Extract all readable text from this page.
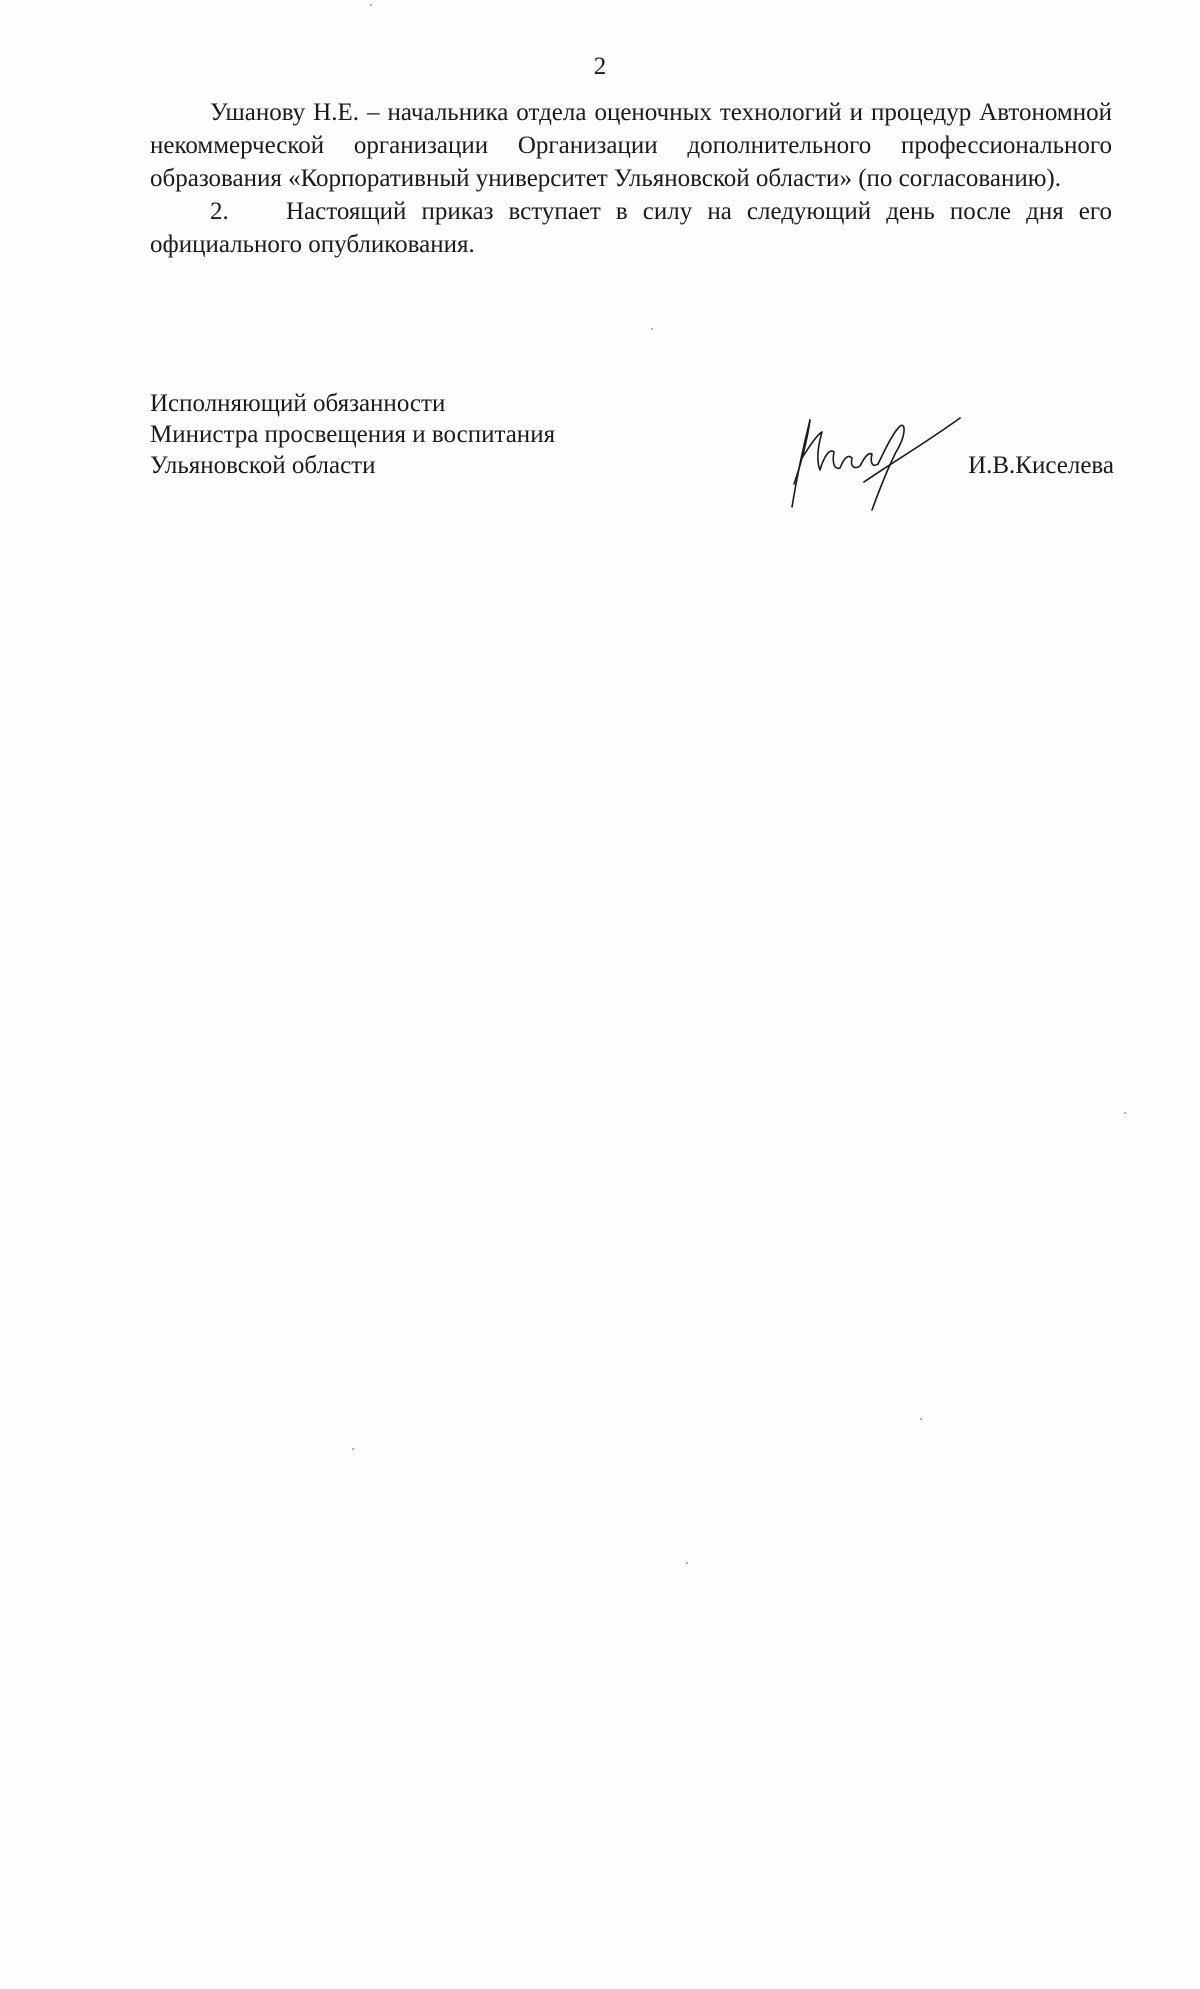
2

Ушанову Н.Е. – начальника отдела оценочных технологий и процедур Автономной некоммерческой организации Организации дополнительного профессионального образования «Корпоративный университет Ульяновской области» (по согласованию).

2. Настоящий приказ вступает в силу на следующий день после дня его официального опубликования.

Исполняющий обязанности
Министра просвещения и воспитания
Ульяновской области	И.В.Киселева
